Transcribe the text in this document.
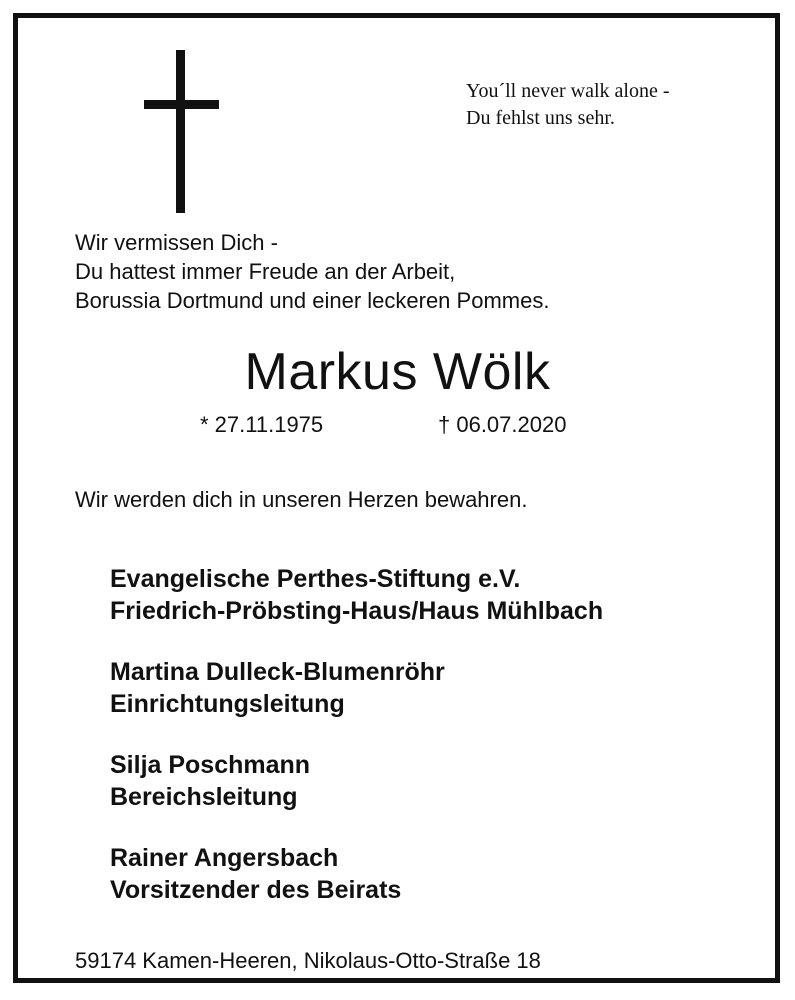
You´ll never walk alone -
Du fehlst uns sehr.
Wir vermissen Dich -
Du hattest immer Freude an der Arbeit,
Borussia Dortmund und einer leckeren Pommes.
Markus Wölk
* 27.11.1975	† 06.07.2020
Wir werden dich in unseren Herzen bewahren.
Evangelische Perthes-Stiftung e.V.
Friedrich-Pröbsting-Haus/Haus Mühlbach
Martina Dulleck-Blumenröhr
Einrichtungsleitung
Silja Poschmann
Bereichsleitung
Rainer Angersbach
Vorsitzender des Beirats
59174 Kamen-Heeren, Nikolaus-Otto-Straße 18
